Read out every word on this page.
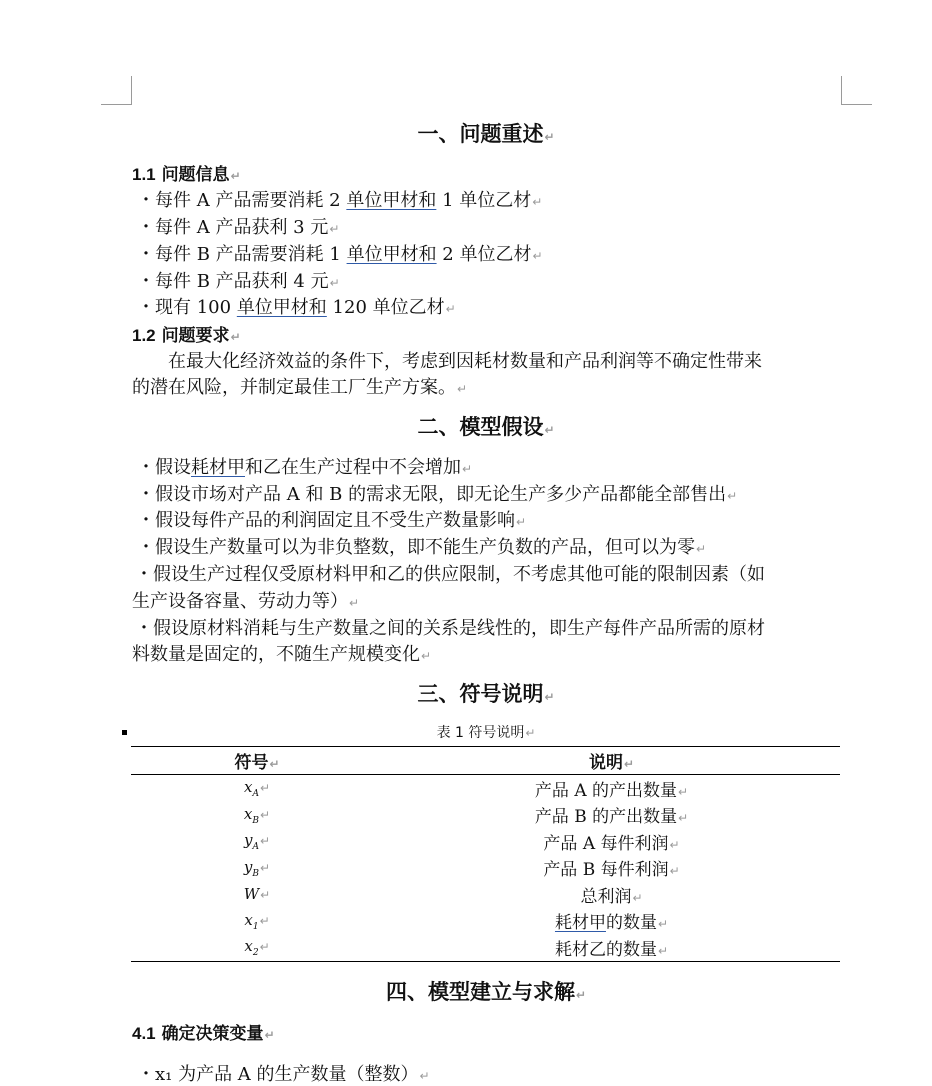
一、问题重述↵
1.1 问题信息↵
・每件 A 产品需要消耗 2 单位甲材和 1 单位乙材↵
・每件 A 产品获利 3 元↵
・每件 B 产品需要消耗 1 单位甲材和 2 单位乙材↵
・每件 B 产品获利 4 元↵
・现有 100 单位甲材和 120 单位乙材↵
1.2 问题要求↵
　　在最大化经济效益的条件下，考虑到因耗材数量和产品利润等不确定性带来
的潜在风险，并制定最佳工厂生产方案。↵
二、模型假设↵
・假设耗材甲和乙在生产过程中不会增加↵
・假设市场对产品 A 和 B 的需求无限，即无论生产多少产品都能全部售出↵
・假设每件产品的利润固定且不受生产数量影响↵
・假设生产数量可以为非负整数，即不能生产负数的产品，但可以为零↵
・假设生产过程仅受原材料甲和乙的供应限制，不考虑其他可能的限制因素（如
生产设备容量、劳动力等）↵
・假设原材料消耗与生产数量之间的关系是线性的，即生产每件产品所需的原材
料数量是固定的，不随生产规模变化↵
三、符号说明↵
表 1 符号说明↵
符号↵	说明↵
$x_A↵$	产品 A 的产出数量↵
$x_B↵$	产品 B 的产出数量↵
$y_A↵$	产品 A 每件利润↵
$y_B↵$	产品 B 每件利润↵
W↵	总利润↵
$x_1↵$	耗材甲的数量↵
$x_2↵$	耗材乙的数量↵
四、模型建立与求解↵
4.1 确定决策变量↵
・x₁ 为产品 A 的生产数量（整数）↵
